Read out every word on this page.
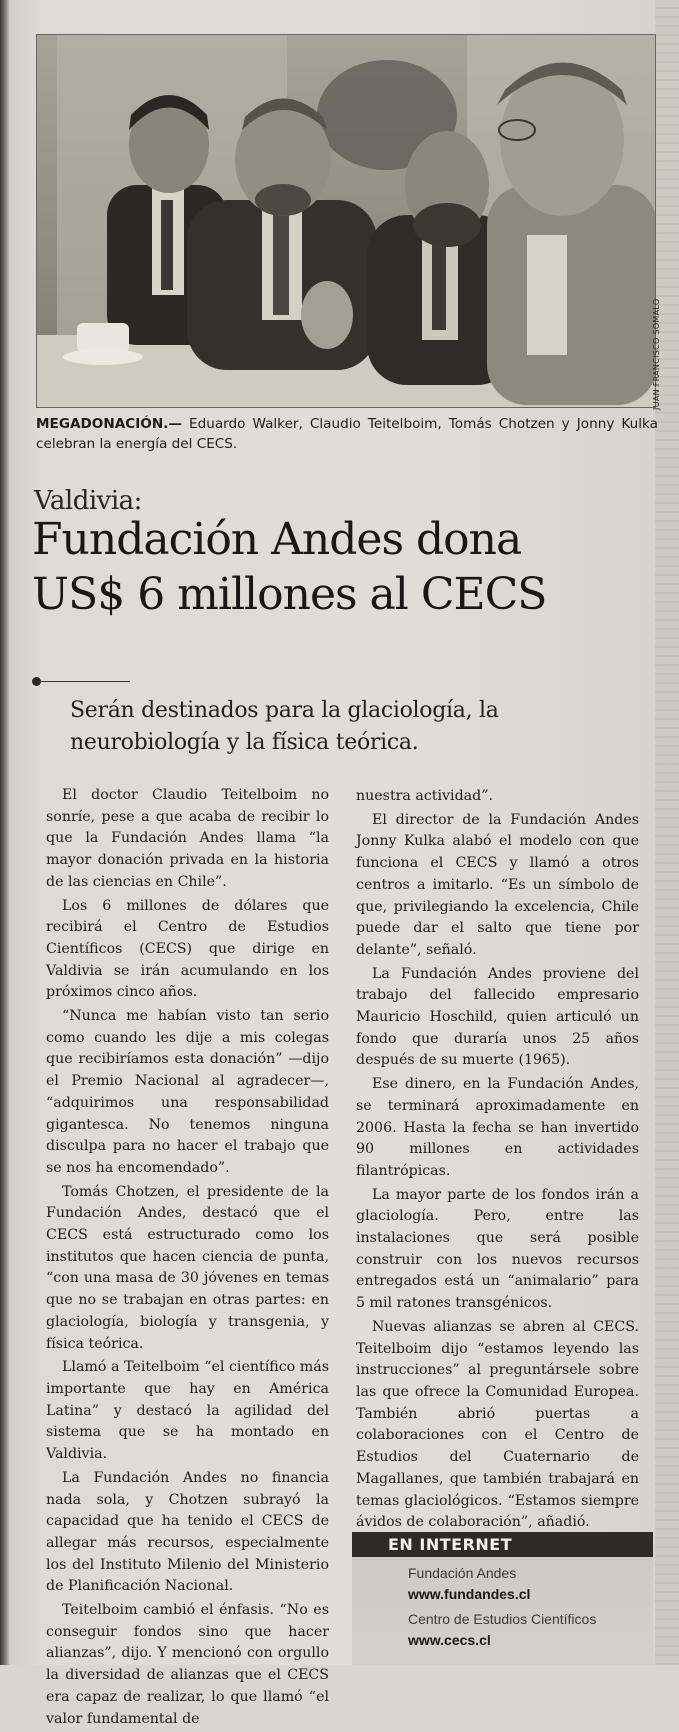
JUAN FRANCISCO SOMALO
MEGADONACIÓN.— Eduardo Walker, Claudio Teitelboim, Tomás Chotzen y Jonny Kulka celebran la energía del CECS.
Valdivia:
Fundación Andes dona
US$ 6 millones al CECS
Serán destinados para la glaciología, la
neurobiología y la física teórica.

El doctor Claudio Teitelboim no sonríe, pese a que acaba de recibir lo que la Fundación Andes llama “la mayor donación privada en la historia de las ciencias en Chile”.

Los 6 millones de dólares que recibirá el Centro de Estudios Científicos (CECS) que dirige en Valdivia se irán acumulando en los próximos cinco años.

“Nunca me habían visto tan serio como cuando les dije a mis colegas que recibiríamos esta donación” —dijo el Premio Nacional al agradecer—, “adquirimos una responsabilidad gigantesca. No tenemos ninguna disculpa para no hacer el trabajo que se nos ha encomendado”.

Tomás Chotzen, el presidente de la Fundación Andes, destacó que el CECS está estructurado como los institutos que hacen ciencia de punta, “con una masa de 30 jóvenes en temas que no se trabajan en otras partes: en glaciología, biología y transgenia, y física teórica.

Llamó a Teitelboim “el científico más importante que hay en América Latina” y destacó la agilidad del sistema que se ha montado en Valdivia.

La Fundación Andes no financia nada sola, y Chotzen subrayó la capacidad que ha tenido el CECS de allegar más recursos, especialmente los del Instituto Milenio del Ministerio de Planificación Nacional.

Teitelboim cambió el énfasis. “No es conseguir fondos sino que hacer alianzas”, dijo. Y mencionó con orgullo la diversidad de alianzas que el CECS era capaz de realizar, lo que llamó “el valor fundamental de

nuestra actividad”.

El director de la Fundación Andes Jonny Kulka alabó el modelo con que funciona el CECS y llamó a otros centros a imitarlo. “Es un símbolo de que, privilegiando la excelencia, Chile puede dar el salto que tiene por delante”, señaló.

La Fundación Andes proviene del trabajo del fallecido empresario Mauricio Hoschild, quien articuló un fondo que duraría unos 25 años después de su muerte (1965).

Ese dinero, en la Fundación Andes, se terminará aproximadamente en 2006. Hasta la fecha se han invertido 90 millones en actividades filantrópicas.

La mayor parte de los fondos irán a glaciología. Pero, entre las instalaciones que será posible construir con los nuevos recursos entregados está un “animalario” para 5 mil ratones transgénicos.

Nuevas alianzas se abren al CECS. Teitelboim dijo “estamos leyendo las instrucciones” al preguntársele sobre las que ofrece la Comunidad Europea. También abrió puertas a colaboraciones con el Centro de Estudios del Cuaternario de Magallanes, que también trabajará en temas glaciológicos. “Estamos siempre ávidos de colaboración”, añadió.

EN INTERNET
Fundación Andes
www.fundandes.cl
Centro de Estudios Científicos
www.cecs.cl
